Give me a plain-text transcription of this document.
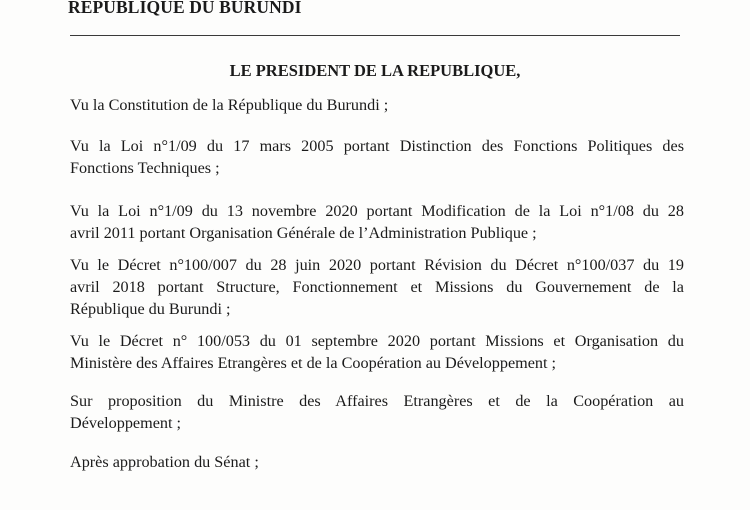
REPUBLIQUE DU BURUNDI
LE PRESIDENT DE LA REPUBLIQUE,
Vu la Constitution de la République du Burundi ;
Vu la Loi n°1/09 du 17 mars 2005 portant Distinction des Fonctions Politiques des
Fonctions Techniques ;
Vu la Loi n°1/09 du 13 novembre 2020 portant Modification de la Loi n°1/08 du 28
avril 2011 portant Organisation Générale de l’Administration Publique ;
Vu le Décret n°100/007 du 28 juin 2020 portant Révision du Décret n°100/037 du 19
avril 2018 portant Structure, Fonctionnement et Missions du Gouvernement de la
République du Burundi ;
Vu le Décret n° 100/053 du 01 septembre 2020 portant Missions et Organisation du
Ministère des Affaires Etrangères et de la Coopération au Développement ;
Sur proposition du Ministre des Affaires Etrangères et de la Coopération au
Développement ;
Après approbation du Sénat ;
